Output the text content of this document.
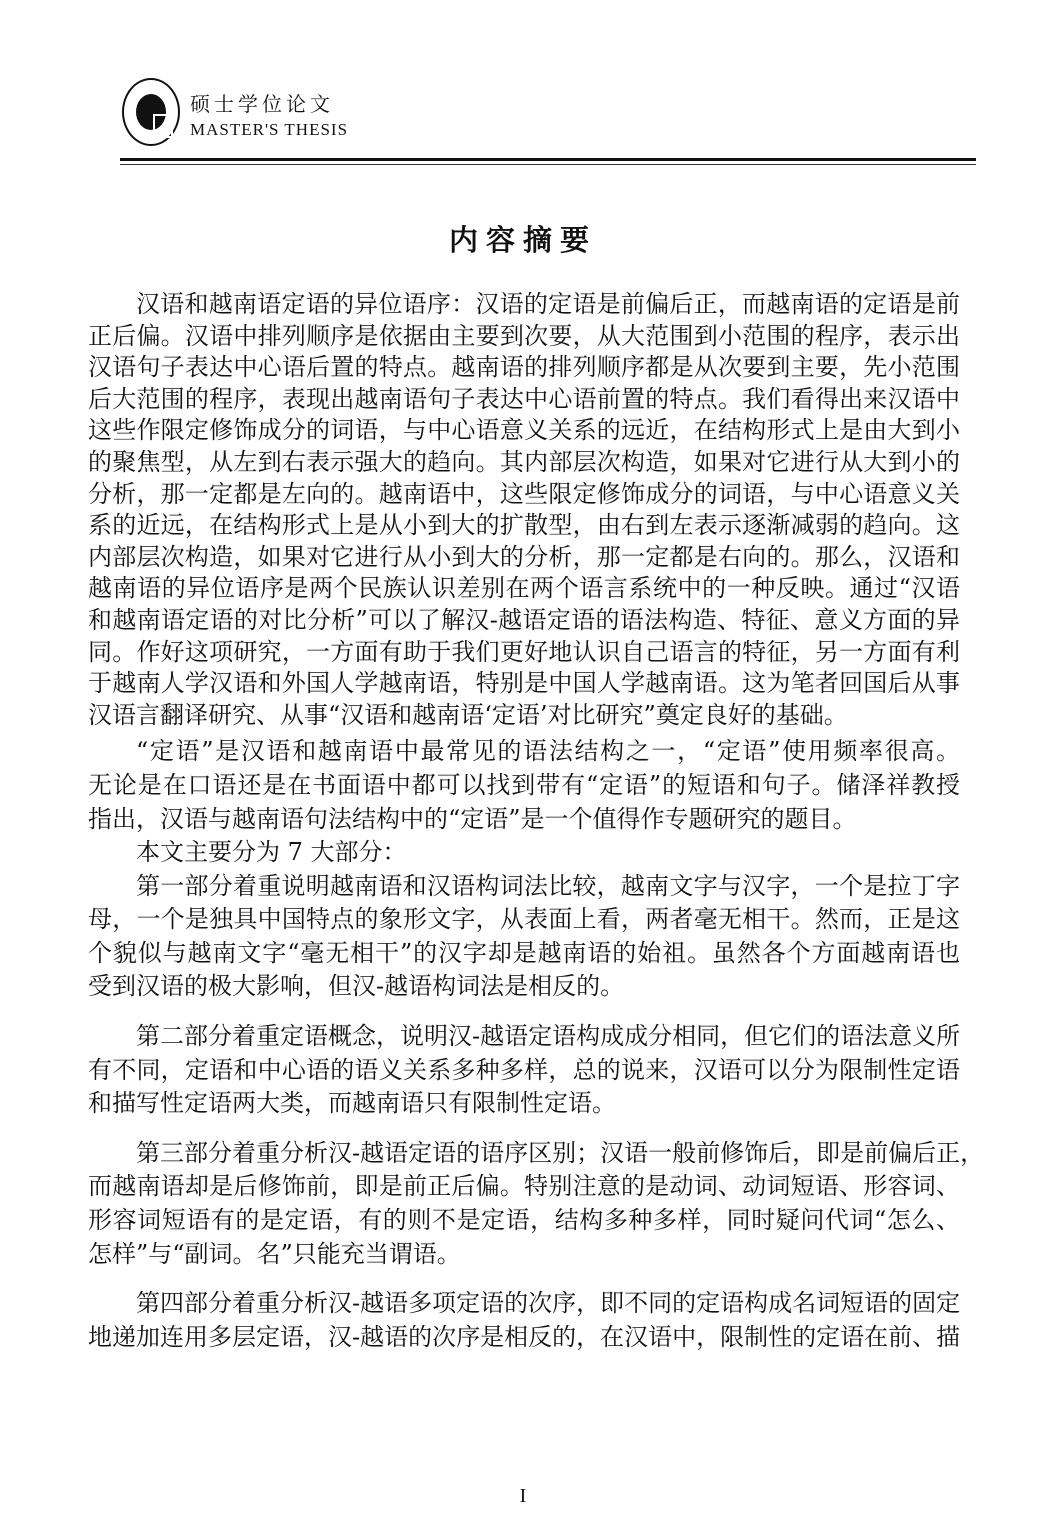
硕士学位论文
MASTER'S THESIS
内容摘要
汉语和越南语定语的异位语序：汉语的定语是前偏后正，而越南语的定语是前
正后偏。汉语中排列顺序是依据由主要到次要，从大范围到小范围的程序，表示出
汉语句子表达中心语后置的特点。越南语的排列顺序都是从次要到主要，先小范围
后大范围的程序，表现出越南语句子表达中心语前置的特点。我们看得出来汉语中
这些作限定修饰成分的词语，与中心语意义关系的远近，在结构形式上是由大到小
的聚焦型，从左到右表示强大的趋向。其内部层次构造，如果对它进行从大到小的
分析，那一定都是左向的。越南语中，这些限定修饰成分的词语，与中心语意义关
系的近远，在结构形式上是从小到大的扩散型，由右到左表示逐渐减弱的趋向。这
内部层次构造，如果对它进行从小到大的分析，那一定都是右向的。那么，汉语和
越南语的异位语序是两个民族认识差别在两个语言系统中的一种反映。通过“汉语
和越南语定语的对比分析”可以了解汉-越语定语的语法构造、特征、意义方面的异
同。作好这项研究，一方面有助于我们更好地认识自己语言的特征，另一方面有利
于越南人学汉语和外国人学越南语，特别是中国人学越南语。这为笔者回国后从事
汉语言翻译研究、从事“汉语和越南语‘定语’对比研究”奠定良好的基础。
“定语”是汉语和越南语中最常见的语法结构之一，“定语”使用频率很高。
无论是在口语还是在书面语中都可以找到带有“定语”的短语和句子。储泽祥教授
指出，汉语与越南语句法结构中的“定语”是一个值得作专题研究的题目。
本文主要分为 7 大部分：
第一部分着重说明越南语和汉语构词法比较，越南文字与汉字，一个是拉丁字
母，一个是独具中国特点的象形文字，从表面上看，两者毫无相干。然而，正是这
个貌似与越南文字“毫无相干”的汉字却是越南语的始祖。虽然各个方面越南语也
受到汉语的极大影响，但汉-越语构词法是相反的。
第二部分着重定语概念，说明汉-越语定语构成成分相同，但它们的语法意义所
有不同，定语和中心语的语义关系多种多样，总的说来，汉语可以分为限制性定语
和描写性定语两大类，而越南语只有限制性定语。
第三部分着重分析汉-越语定语的语序区别；汉语一般前修饰后，即是前偏后正，
而越南语却是后修饰前，即是前正后偏。特别注意的是动词、动词短语、形容词、
形容词短语有的是定语，有的则不是定语，结构多种多样，同时疑问代词“怎么、
怎样”与“副词。名”只能充当谓语。
第四部分着重分析汉-越语多项定语的次序，即不同的定语构成名词短语的固定
地递加连用多层定语，汉-越语的次序是相反的，在汉语中，限制性的定语在前、描
I
